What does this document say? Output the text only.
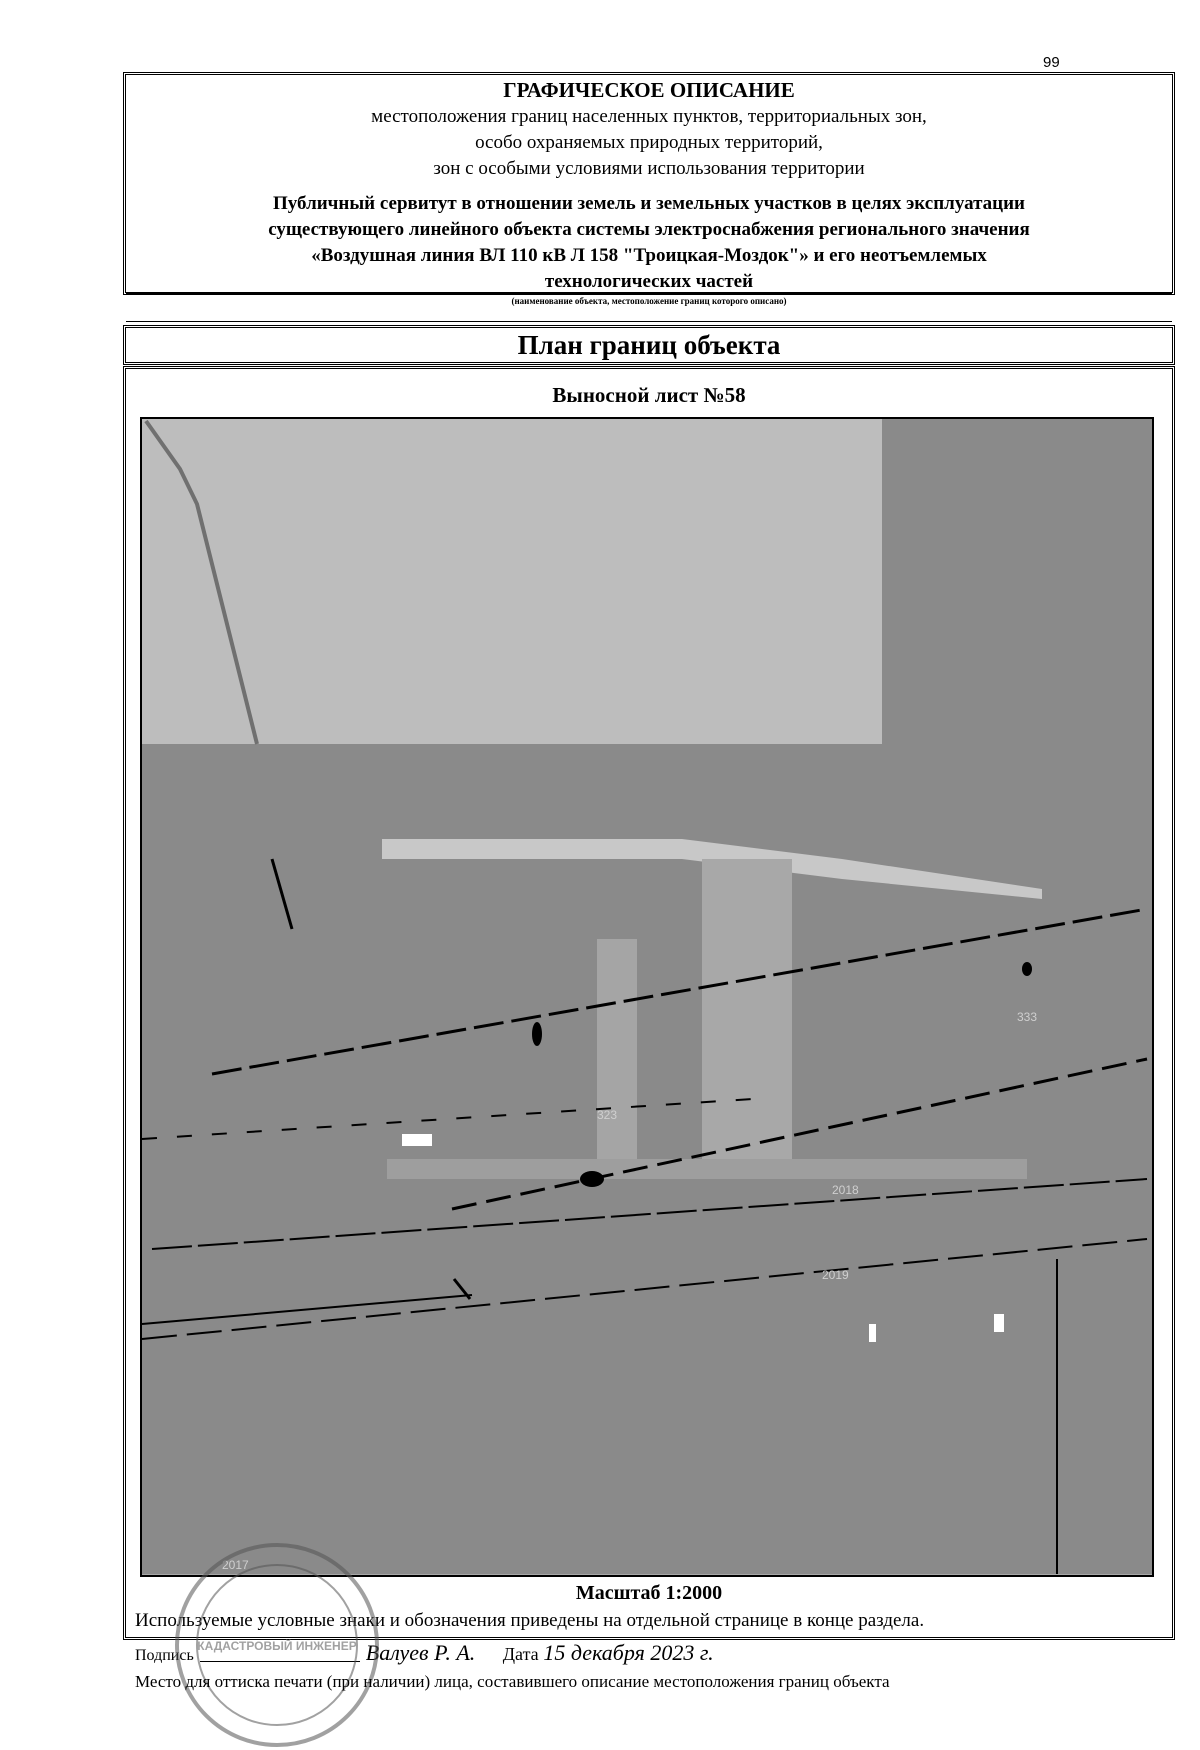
99
ГРАФИЧЕСКОЕ ОПИСАНИЕ
местоположения границ населенных пунктов, территориальных зон,
особо охраняемых природных территорий,
зон с особыми условиями использования территории
Публичный сервитут в отношении земель и земельных участков в целях эксплуатации
существующего линейного объекта системы электроснабжения регионального значения
«Воздушная линия ВЛ 110 кВ Л 158 "Троицкая-Моздок"» и его неотъемлемых
технологических частей
(наименование объекта, местоположение границ которого описано)
План границ объекта
Выносной лист №58
333
323
2018
2019
2017
Масштаб 1:2000
Используемые условные знаки и обозначения приведены на отдельной странице в конце раздела.
Подпись	Валуев Р. А. Дата 15 декабря 2023 г.
КАДАСТРОВЫЙ ИНЖЕНЕР
Место для оттиска печати (при наличии) лица, составившего описание местоположения границ объекта
